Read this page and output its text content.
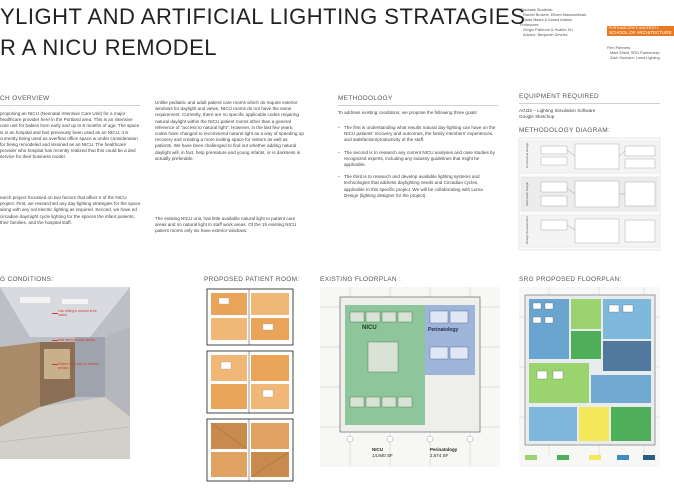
YLIGHT AND ARTIFICIAL LIGHTING STRATAGIES
R A NICU REMODEL
Graduate Students:
Rachel Browne, Elham Massomikhah,
Nada Maani & Karma Adams
Professors:
Sergio Palleroni & Huafen Hu
Advisor: Benjamin Devries
PORTLAND STATE UNIVERSITY
SCHOOL OF ARCHITECTURE
Firm Partners:
Mark Elliott, SRG Partnership
Zach Suchara, Luma Lighting
CH OVERVIEW
proposing an NICU (Neonatal Intensive Care Unit) for a major healthcare provider here in the Portland area. This is an intensive care unit for babies born early and up to 6 months of age. The space is in an hospital and has previously been used as an NICU, it is currently being used as overflow office space w under consideration for being remodeled and issioned as an NICU. The healthcare provider who hospital has recently realized that this could be a ded service for their business model.
earch project focussed on two factors that affect n of the NICU project. First, we researched any day-lighting strategies for the space along with any nal electric lighting as required. Second, we have ed circadian day/night cycle lighting for the spaces the infant patients, their families, and the hospital staff.
Unlike pediatric and adult patient care rooms which do require exterior windows for daylight and views, NICU rooms do not have the same requirement. Currently, there are no specific applicable codes requiring natural daylight within the NICU patient rooms other than a general reference of "access to natural light". However, in the last few years, codes have changed to recommend natural light as a way of speeding up recovery and creating a more inviting space for visitors as well as patients. We have been challenged to find out whether adding natural daylight will, in fact, help premature and young infants, or is darkness is actually preferable.
The existing NICU unit, has little available natural light to patient care areas and no natural light to staff work areas. Of the 15 existing NICU patient rooms only six have exterior windows.
METHODOLOGY
To address existing conditions, we propose the following three goals:
• The first is understanding what results natural day-lighting can have on the NICU patients' recovery and outcomes, the family members' experiences, and satisfaction/productivity of the staff.
• The second is to research any current NICU analyses and case studies by recognized experts, including any industry guidelines that might be applicable.
• The third is to research and develop available lighting systems and technologies that address daylighting needs and Circadian cycles, applicable to this specific project. We will be collaborating with Luma Design (lighting designer for the project).
EQUIPMENT REQUIRED
AGI32 – Lighting Simulation Software
Google Sketchup
METHODOLOGY DIAGRAM:
Conceptual Design
Schematic Design
Design Development
G CONDITIONS:	PROPOSED PATIENT ROOM:	EXISTING FLOORPLAN :	SRG PROPOSED FLOORPLAN:
Low ceiling in corridor to be raised
Wall behind nurses station
Patient room with no exterior window
NICU	Perinatology
NICU
14,940 SF
Perinatology
2,674 SF
